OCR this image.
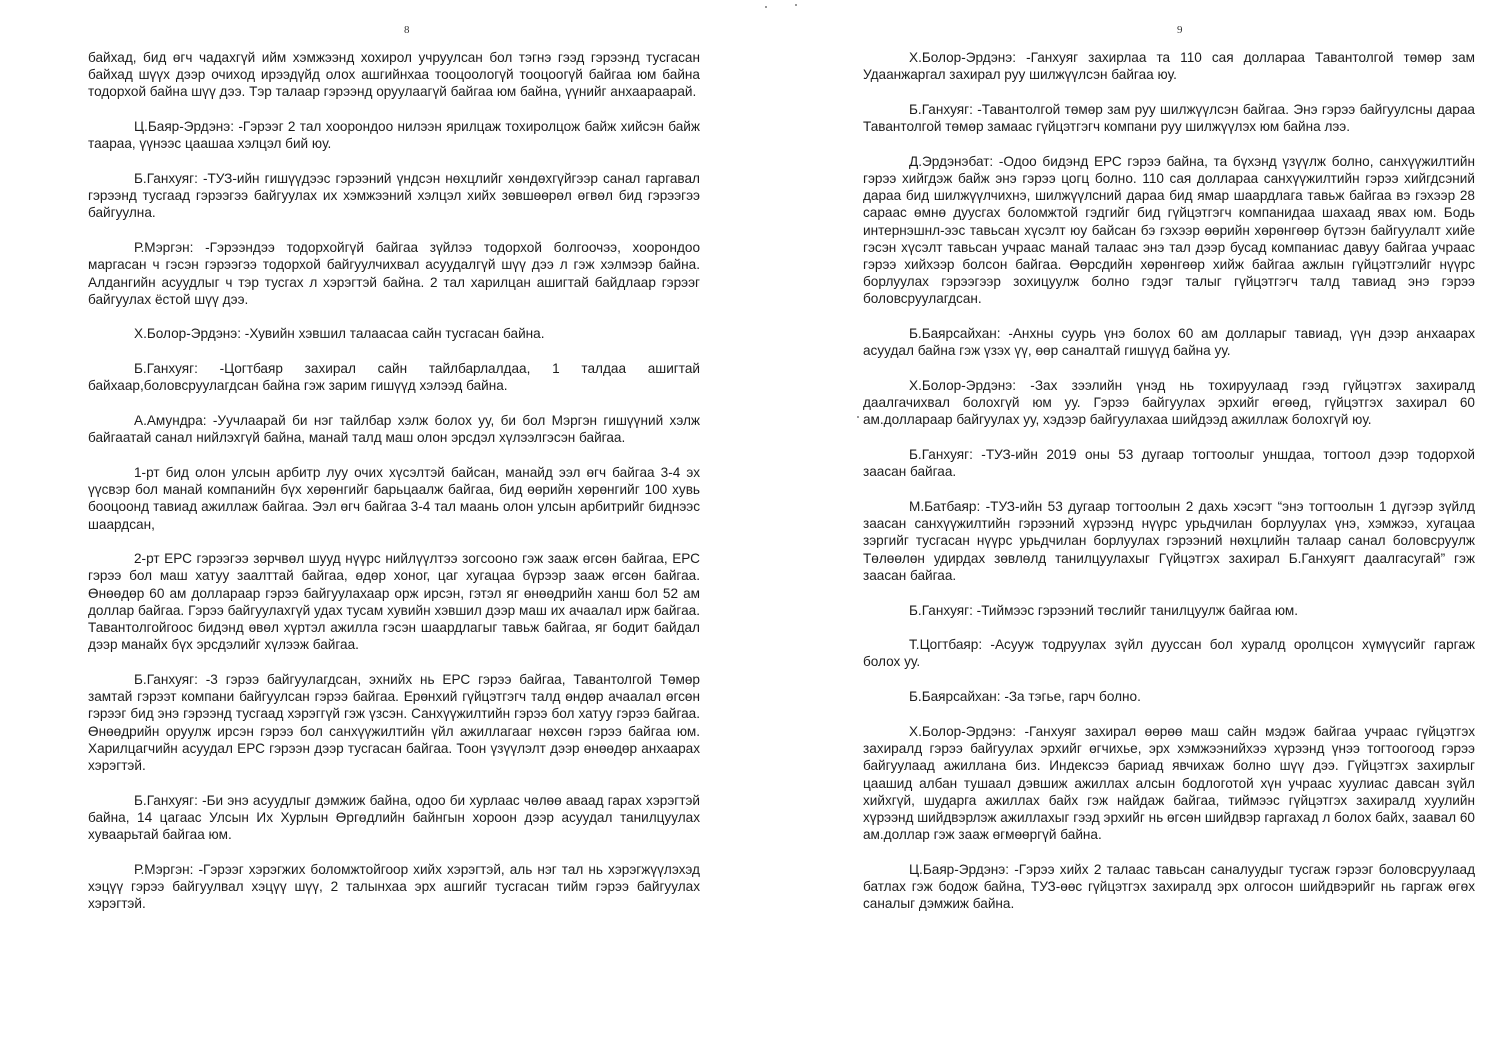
8

байхад, бид өгч чадахгүй ийм хэмжээнд хохирол учруулсан бол тэгнэ гээд гэрээнд тусгасан байхад шүүх дээр очиход ирээдүйд олох ашгийнхаа тооцоологүй тооцоогүй байгаа юм байна тодорхой байна шүү дээ. Тэр талаар гэрээнд оруулаагүй байгаа юм байна, үүнийг анхаараарай.

Ц.Баяр-Эрдэнэ: -Гэрээг 2 тал хоорондоо нилээн ярилцаж тохиролцож байж хийсэн байж таараа, үүнээс цаашаа хэлцэл бий юу.

Б.Ганхуяг: -ТУЗ-ийн гишүүдээс гэрээний үндсэн нөхцлийг хөндөхгүйгээр санал гаргавал гэрээнд тусгаад гэрээгээ байгуулах их хэмжээний хэлцэл хийх зөвшөөрөл өгвөл бид гэрээгээ байгуулна.

Р.Мэргэн: -Гэрээндээ тодорхойгүй байгаа зүйлээ тодорхой болгоочээ, хоорондоо маргасан ч гэсэн гэрээгээ тодорхой байгуулчихвал асуудалгүй шүү дээ л гэж хэлмээр байна. Алдангийн асуудлыг ч тэр тусгах л хэрэгтэй байна. 2 тал харилцан ашигтай байдлаар гэрээг байгуулах ёстой шүү дээ.

Х.Болор-Эрдэнэ: -Хувийн хэвшил талаасаа сайн тусгасан байна.

Б.Ганхуяг: -Цогтбаяр захирал сайн тайлбарлалдаа, 1 талдаа ашигтай байхаар,боловсруулагдсан байна гэж зарим гишүүд хэлээд байна.

А.Амундра: -Уучлаарай би нэг тайлбар хэлж болох уу, би бол Мэргэн гишүүний хэлж байгаатай санал нийлэхгүй байна, манай талд маш олон эрсдэл хүлээлгэсэн байгаа.

1-рт бид олон улсын арбитр луу очих хүсэлтэй байсан, манайд ээл өгч байгаа 3-4 эх үүсвэр бол манай компанийн бүх хөрөнгийг барьцаалж байгаа, бид өөрийн хөрөнгийг 100 хувь бооцоонд тавиад ажиллаж байгаа. Ээл өгч байгаа 3-4 тал маань олон улсын арбитрийг биднээс шаардсан,

2-рт ЕРС гэрээгээ зөрчвөл шууд нүүрс нийлүүлтээ зогсооно гэж зааж өгсөн байгаа, ЕРС гэрээ бол маш хатуу заалттай байгаа, өдөр хоног, цаг хугацаа бүрээр зааж өгсөн байгаа. Өнөөдөр 60 ам доллараар гэрээ байгуулахаар орж ирсэн, гэтэл яг өнөөдрийн ханш бол 52 ам доллар байгаа. Гэрээ байгуулахгүй удах тусам хувийн хэвшил дээр маш их ачаалал ирж байгаа. Тавантолгойгоос бидэнд өвөл хүртэл ажилла гэсэн шаардлагыг тавьж байгаа, яг бодит байдал дээр манайх бүх эрсдэлийг хүлээж байгаа.

Б.Ганхуяг: -3 гэрээ байгуулагдсан, эхнийх нь ЕРС гэрээ байгаа, Тавантолгой Төмөр замтай гэрээт компани байгуулсан гэрээ байгаа. Ерөнхий гүйцэтгэгч талд өндөр ачаалал өгсөн гэрээг бид энэ гэрээнд тусгаад хэрэггүй гэж үзсэн. Санхүүжилтийн гэрээ бол хатуу гэрээ байгаа. Өнөөдрийн оруулж ирсэн гэрээ бол санхүүжилтийн үйл ажиллагааг нөхсөн гэрээ байгаа юм. Харилцагчийн асуудал ЕРС гэрээн дээр тусгасан байгаа. Тоон үзүүлэлт дээр өнөөдөр анхаарах хэрэгтэй.

Б.Ганхуяг: -Би энэ асуудлыг дэмжиж байна, одоо би хурлаас чөлөө аваад гарах хэрэгтэй байна, 14 цагаас Улсын Их Хурлын Өргөдлийн байнгын хороон дээр асуудал танилцуулах хуваарьтай байгаа юм.

Р.Мэргэн: -Гэрээг хэрэгжих боломжтойгоор хийх хэрэгтэй, аль нэг тал нь хэрэгжүүлэхэд хэцүү гэрээ байгуулвал хэцүү шүү, 2 талынхаа эрх ашгийг тусгасан тийм гэрээ байгуулах хэрэгтэй.

9

Х.Болор-Эрдэнэ: -Ганхуяг захирлаа та 110 сая доллараа Тавантолгой төмөр зам Удаанжаргал захирал руу шилжүүлсэн байгаа юу.

Б.Ганхуяг: -Тавантолгой төмөр зам руу шилжүүлсэн байгаа. Энэ гэрээ байгуулсны дараа Тавантолгой төмөр замаас гүйцэтгэгч компани руу шилжүүлэх юм байна лээ.

Д.Эрдэнэбат: -Одоо бидэнд ЕРС гэрээ байна, та бүхэнд үзүүлж болно, санхүүжилтийн гэрээ хийгдэж байж энэ гэрээ цогц болно. 110 сая доллараа санхүүжилтийн гэрээ хийгдсэний дараа бид шилжүүлчихнэ, шилжүүлсний дараа бид ямар шаардлага тавьж байгаа вэ гэхээр 28 сараас өмнө дуусгах боломжтой гэдгийг бид гүйцэтгэгч компанидаа шахаад явах юм. Бодь интернэшнл-ээс тавьсан хүсэлт юу байсан бэ гэхээр өөрийн хөрөнгөөр бүтээн байгуулалт хийе гэсэн хүсэлт тавьсан учраас манай талаас энэ тал дээр бусад компаниас давуу байгаа учраас гэрээ хийхээр болсон байгаа. Өөрсдийн хөрөнгөөр хийж байгаа ажлын гүйцэтгэлийг нүүрс борлуулах гэрээгээр зохицуулж болно гэдэг талыг гүйцэтгэгч талд тавиад энэ гэрээ боловсруулагдсан.

Б.Баярсайхан: -Анхны суурь үнэ болох 60 ам долларыг тавиад, үүн дээр анхаарах асуудал байна гэж үзэх үү, өөр саналтай гишүүд байна уу.

Х.Болор-Эрдэнэ: -Зах зээлийн үнэд нь тохируулаад гээд гүйцэтгэх захиралд даалгачихвал болохгүй юм уу. Гэрээ байгуулах эрхийг өгөөд, гүйцэтгэх захирал 60 ам.доллараар байгуулах уу, хэдээр байгуулахаа шийдээд ажиллаж болохгүй юу.

Б.Ганхуяг: -ТУЗ-ийн 2019 оны 53 дугаар тогтоолыг уншдаа, тогтоол дээр тодорхой заасан байгаа.

М.Батбаяр: -ТУЗ-ийн 53 дугаар тогтоолын 2 дахь хэсэгт “энэ тогтоолын 1 дүгээр зүйлд заасан санхүүжилтийн гэрээний хүрээнд нүүрс урьдчилан борлуулах үнэ, хэмжээ, хугацаа зэргийг тусгасан нүүрс урьдчилан борлуулах гэрээний нөхцлийн талаар санал боловсруулж Төлөөлөн удирдах зөвлөлд танилцуулахыг Гүйцэтгэх захирал Б.Ганхуягт даалгасугай” гэж заасан байгаа.

Б.Ганхуяг: -Тиймээс гэрээний төслийг танилцуулж байгаа юм.

Т.Цогтбаяр: -Асууж тодруулах зүйл дууссан бол хуралд оролцсон хүмүүсийг гаргаж болох уу.

Б.Баярсайхан: -За тэгье, гарч болно.

Х.Болор-Эрдэнэ: -Ганхуяг захирал өөрөө маш сайн мэдэж байгаа учраас гүйцэтгэх захиралд гэрээ байгуулах эрхийг өгчихье, эрх хэмжээнийхээ хүрээнд үнээ тогтоогоод гэрээ байгуулаад ажиллана биз. Индексээ бариад явчихаж болно шүү дээ. Гүйцэтгэх захирлыг цаашид албан тушаал дэвшиж ажиллах алсын бодлоготой хүн учраас хуулиас давсан зүйл хийхгүй, шударга ажиллах байх гэж найдаж байгаа, тиймээс гүйцэтгэх захиралд хуулийн хүрээнд шийдвэрлэж ажиллахыг гээд эрхийг нь өгсөн шийдвэр гаргахад л болох байх, заавал 60 ам.доллар гэж зааж өгмөөргүй байна.

Ц.Баяр-Эрдэнэ: -Гэрээ хийх 2 талаас тавьсан саналуудыг тусгаж гэрээг боловсруулаад батлах гэж бодож байна, ТУЗ-өөс гүйцэтгэх захиралд эрх олгосон шийдвэрийг нь гаргаж өгөх саналыг дэмжиж байна.
